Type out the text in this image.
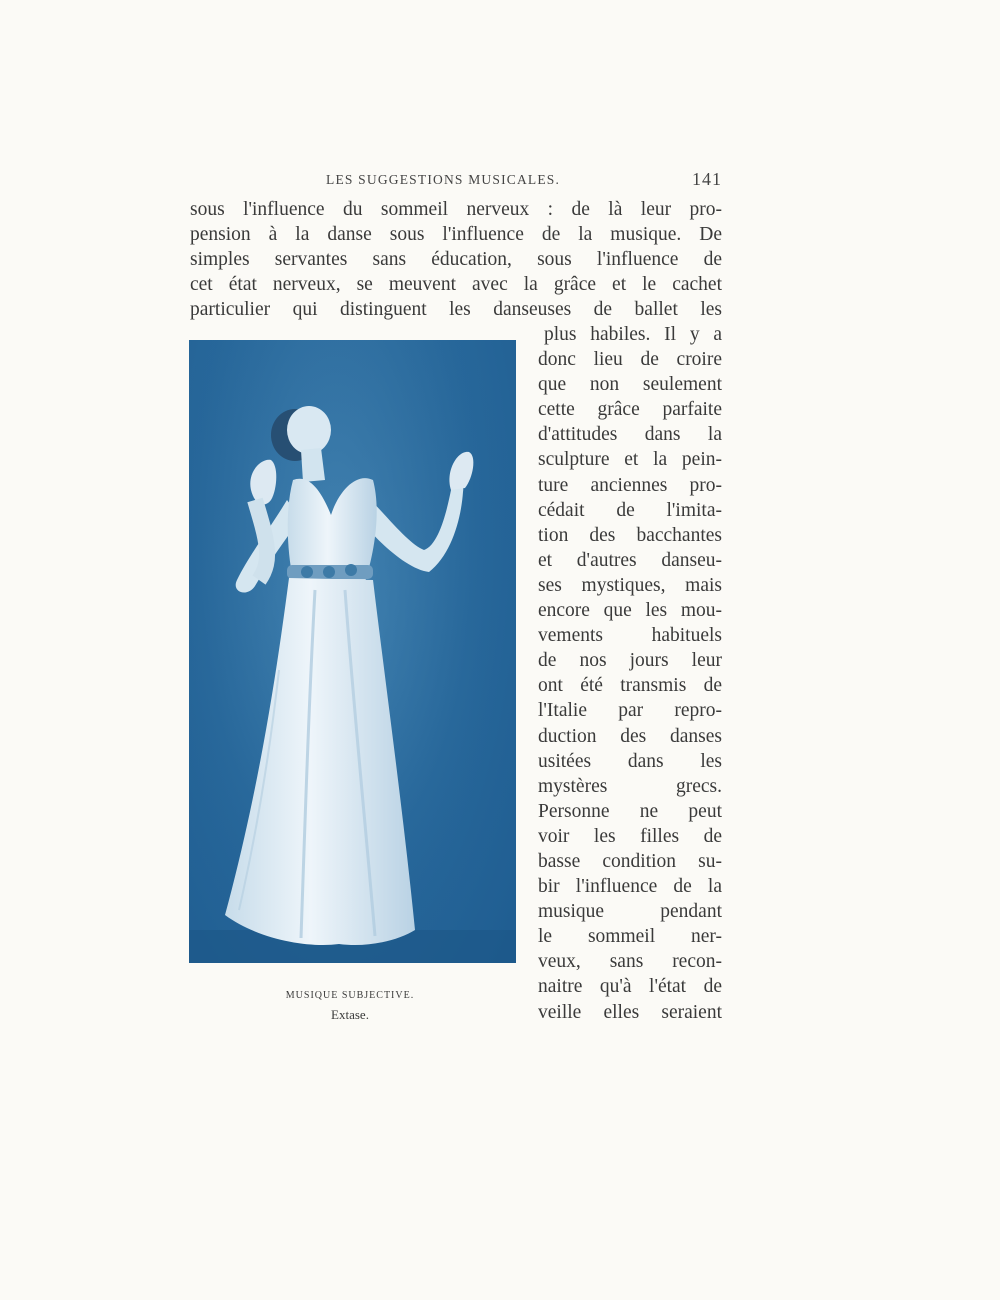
LES SUGGESTIONS MUSICALES.	141
sous l'influence du sommeil nerveux : de là leur pro-
pension à la danse sous l'influence de la musique. De
simples servantes sans éducation, sous l'influence de
cet état nerveux, se meuvent avec la grâce et le cachet
particulier qui distinguent les danseuses de ballet les
plus habiles. Il y a
donc lieu de croire
que non seulement
cette grâce parfaite
d'attitudes dans la
sculpture et la pein-
ture anciennes pro-
cédait de l'imita-
tion des bacchantes
et d'autres danseu-
ses mystiques, mais
encore que les mou-
vements habituels
de nos jours leur
ont été transmis de
l'Italie par repro-
duction des danses
usitées dans les
mystères grecs.
Personne ne peut
voir les filles de
basse condition su-
bir l'influence de la
musique pendant
le sommeil ner-
veux, sans recon-
naitre qu'à l'état de
veille elles seraient
MUSIQUE SUBJECTIVE.
Extase.
